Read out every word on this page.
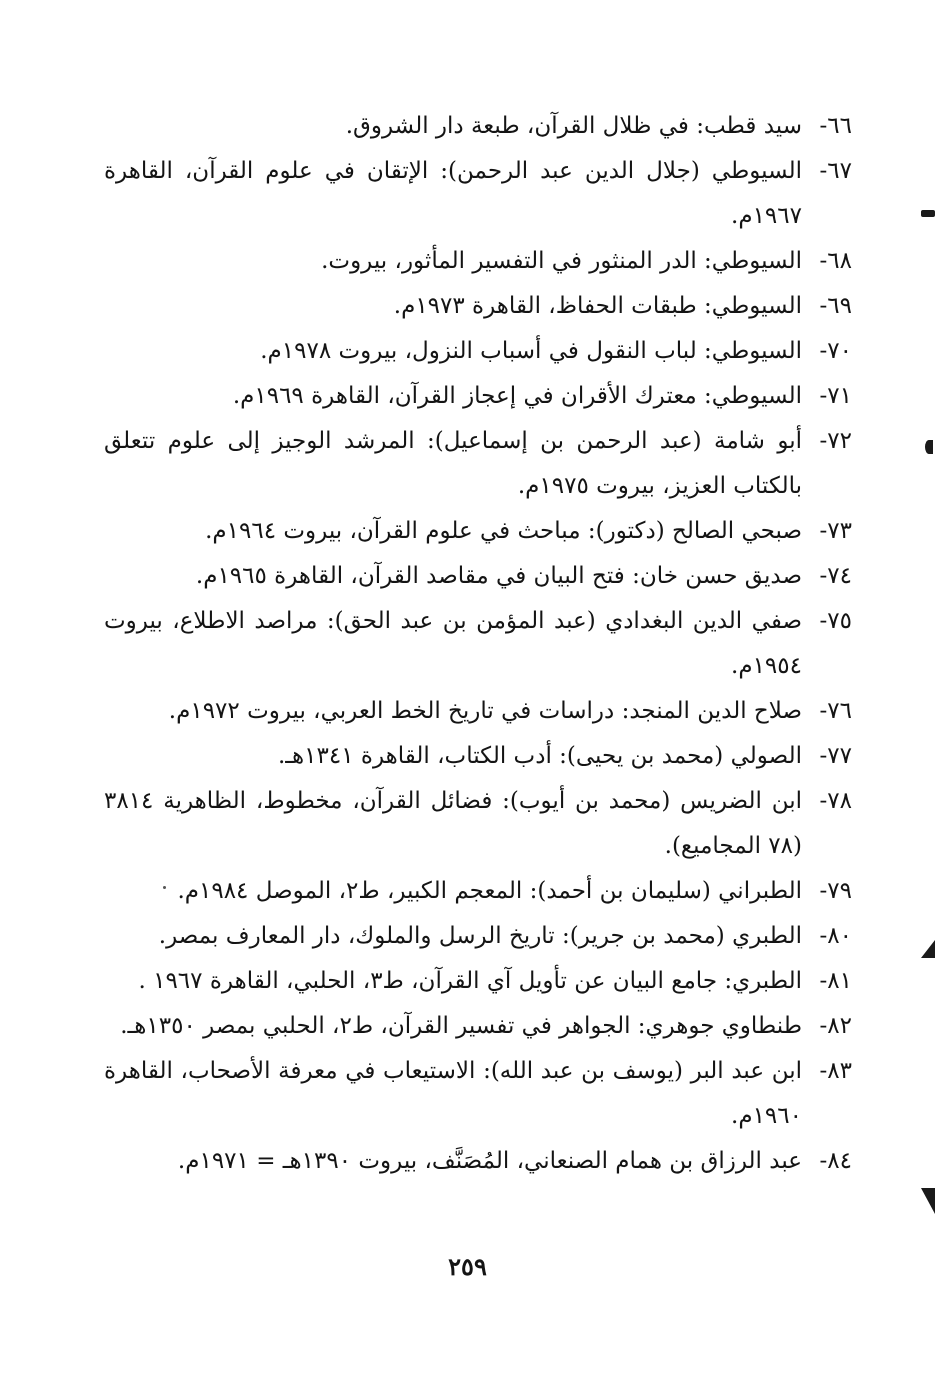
٦٦-
سيد قطب: في ظلال القرآن، طبعة دار الشروق.
٦٧-
السيوطي (جلال الدين عبد الرحمن): الإتقان في علوم القرآن، القاهرة ١٩٦٧م.
٦٨-
السيوطي: الدر المنثور في التفسير المأثور، بيروت.
٦٩-
السيوطي: طبقات الحفاظ، القاهرة ١٩٧٣م.
٧٠-
السيوطي: لباب النقول في أسباب النزول، بيروت ١٩٧٨م.
٧١-
السيوطي: معترك الأقران في إعجاز القرآن، القاهرة ١٩٦٩م.
٧٢-
أبو شامة (عبد الرحمن بن إسماعيل): المرشد الوجيز إلى علوم تتعلق بالكتاب العزيز، بيروت ١٩٧٥م.
٧٣-
صبحي الصالح (دكتور): مباحث في علوم القرآن، بيروت ١٩٦٤م.
٧٤-
صديق حسن خان: فتح البيان في مقاصد القرآن، القاهرة ١٩٦٥م.
٧٥-
صفي الدين البغدادي (عبد المؤمن بن عبد الحق): مراصد الاطلاع، بيروت ١٩٥٤م.
٧٦-
صلاح الدين المنجد: دراسات في تاريخ الخط العربي، بيروت ١٩٧٢م.
٧٧-
الصولي (محمد بن يحيى): أدب الكتاب، القاهرة ١٣٤١هـ.
٧٨-
ابن الضريس (محمد بن أيوب): فضائل القرآن، مخطوط، الظاهرية ٣٨١٤ (٧٨ المجاميع).
٧٩-
الطبراني (سليمان بن أحمد): المعجم الكبير، ط٢، الموصل ١٩٨٤م.
٨٠-
الطبري (محمد بن جرير): تاريخ الرسل والملوك، دار المعارف بمصر.
٨١-
الطبري: جامع البيان عن تأويل آي القرآن، ط٣، الحلبي، القاهرة ١٩٦٧ .
٨٢-
طنطاوي جوهري: الجواهر في تفسير القرآن، ط٢، الحلبي بمصر ١٣٥٠هـ.
٨٣-
ابن عبد البر (يوسف بن عبد الله): الاستيعاب في معرفة الأصحاب، القاهرة ١٩٦٠م.
٨٤-
عبد الرزاق بن همام الصنعاني، المُصَنَّف، بيروت ١٣٩٠هـ = ١٩٧١م.
٢٥٩
